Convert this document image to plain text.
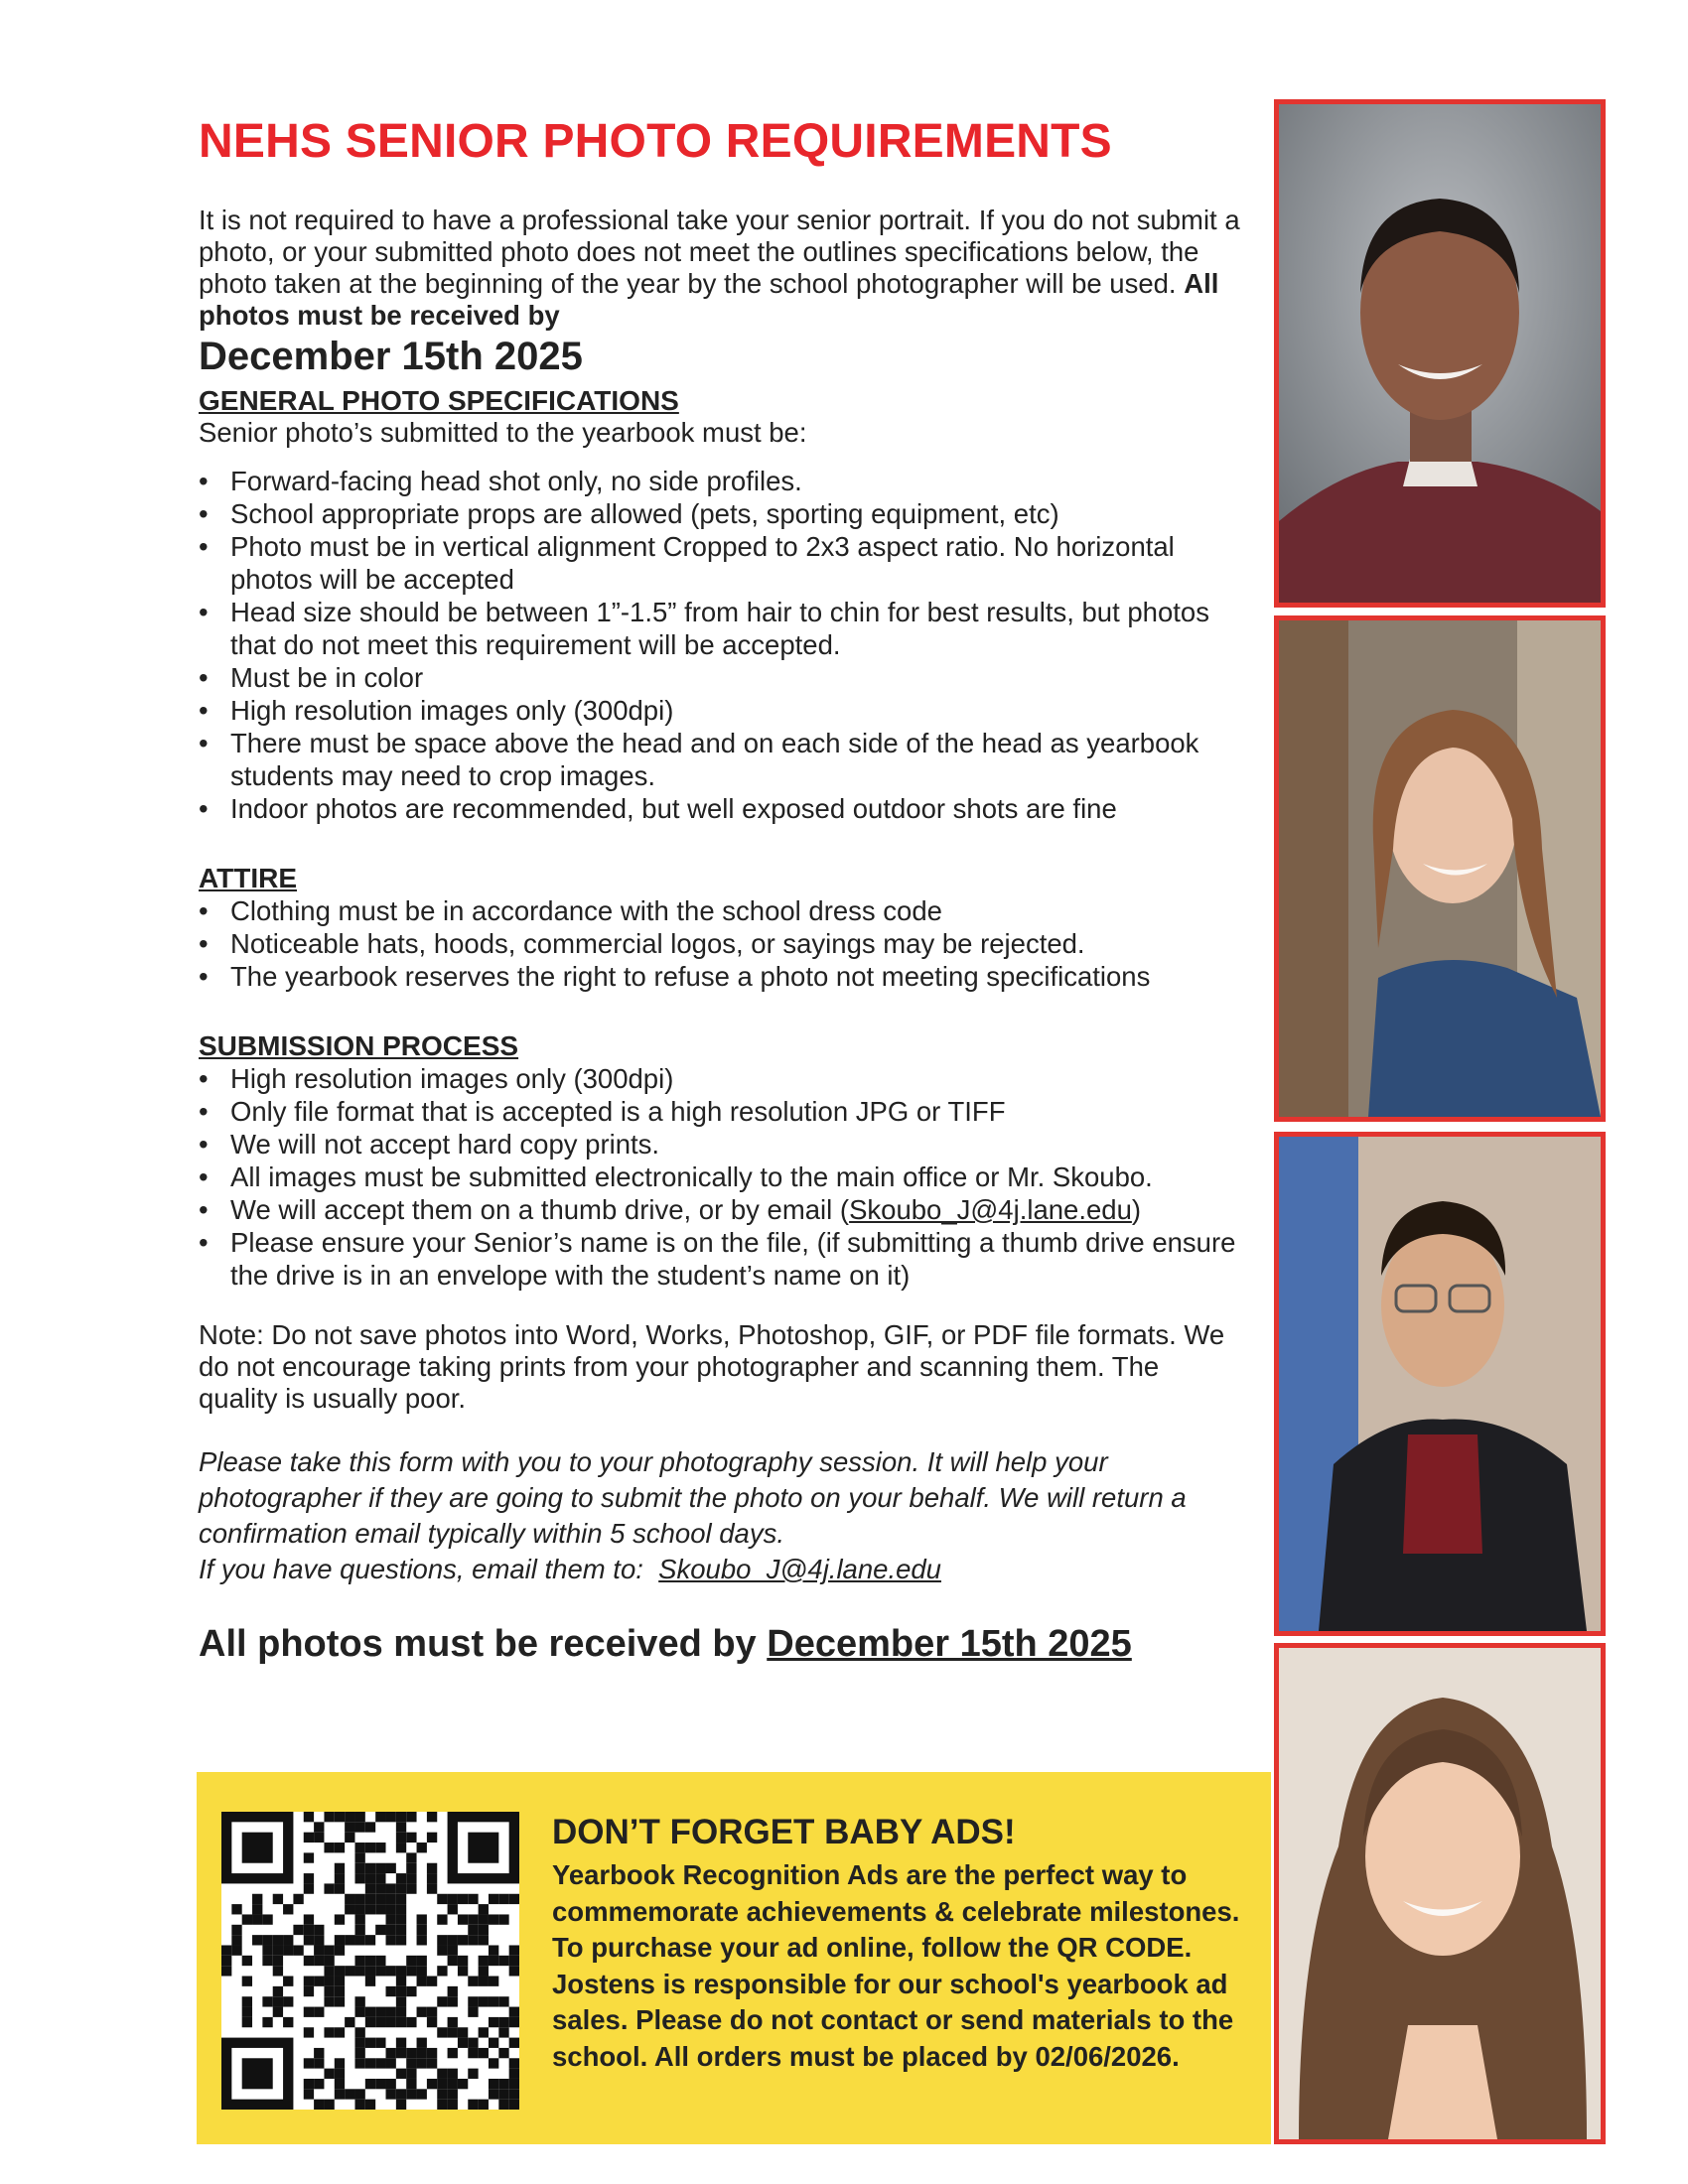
NEHS SENIOR PHOTO REQUIREMENTS

It is not required to have a professional take your senior portrait. If you do not submit a photo, or your submitted photo does not meet the outlines specifications below, the photo taken at the beginning of the year by the school photographer will be used. All photos must be received by

December 15th 2025
GENERAL PHOTO SPECIFICATIONS

Senior photo’s submitted to the yearbook must be:

• Forward-facing head shot only, no side profiles.
• School appropriate props are allowed (pets, sporting equipment, etc)
• Photo must be in vertical alignment Cropped to 2x3 aspect ratio. No horizontal photos will be accepted
• Head size should be between 1”-1.5” from hair to chin for best results, but photos that do not meet this requirement will be accepted.
• Must be in color
• High resolution images only (300dpi)
• There must be space above the head and on each side of the head as yearbook students may need to crop images.
• Indoor photos are recommended, but well exposed outdoor shots are fine
ATTIRE
• Clothing must be in accordance with the school dress code
• Noticeable hats, hoods, commercial logos, or sayings may be rejected.
• The yearbook reserves the right to refuse a photo not meeting specifications
SUBMISSION PROCESS
• High resolution images only (300dpi)
• Only file format that is accepted is a high resolution JPG or TIFF
• We will not accept hard copy prints.
• All images must be submitted electronically to the main office or Mr. Skoubo.
• We will accept them on a thumb drive, or by email (Skoubo_J@4j.lane.edu)
• Please ensure your Senior’s name is on the file, (if submitting a thumb drive ensure the drive is in an envelope with the student’s name on it)

Note: Do not save photos into Word, Works, Photoshop, GIF, or PDF file formats. We do not encourage taking prints from your photographer and scanning them. The quality is usually poor.

Please take this form with you to your photography session. It will help your photographer if they are going to submit the photo on your behalf. We will return a confirmation email typically within 5 school days.
If you have questions, email them to: Skoubo_J@4j.lane.edu

All photos must be received by December 15th 2025
DON’T FORGET BABY ADS!
Yearbook Recognition Ads are the perfect way to commemorate achievements & celebrate milestones. To purchase your ad online, follow the QR CODE. Jostens is responsible for our school's yearbook ad sales. Please do not contact or send materials to the school. All orders must be placed by 02/06/2026.
